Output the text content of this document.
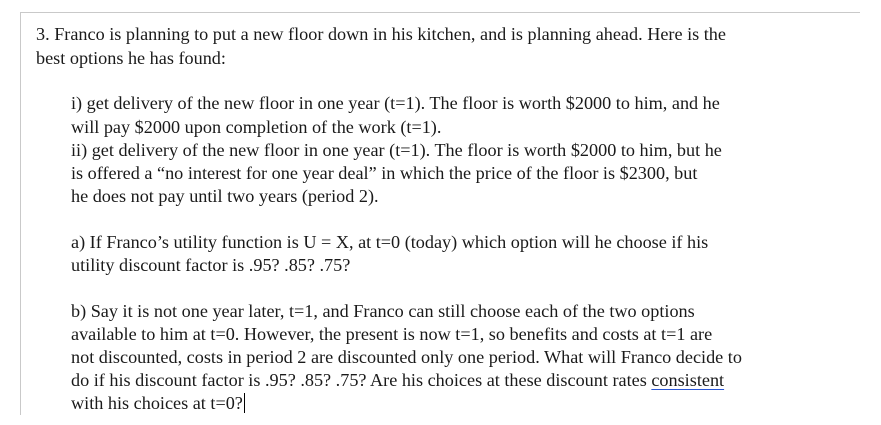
3. Franco is planning to put a new floor down in his kitchen, and is planning ahead. Here is the

best options he has found:

i) get delivery of the new floor in one year (t=1). The floor is worth $2000 to him, and he

will pay $2000 upon completion of the work (t=1).

ii) get delivery of the new floor in one year (t=1). The floor is worth $2000 to him, but he

is offered a “no interest for one year deal” in which the price of the floor is $2300, but

he does not pay until two years (period 2).

a) If Franco’s utility function is U = X, at t=0 (today) which option will he choose if his

utility discount factor is .95? .85? .75?

b) Say it is not one year later, t=1, and Franco can still choose each of the two options

available to him at t=0. However, the present is now t=1, so benefits and costs at t=1 are

not discounted, costs in period 2 are discounted only one period. What will Franco decide to

do if his discount factor is .95? .85? .75? Are his choices at these discount rates consistent

with his choices at t=0?
